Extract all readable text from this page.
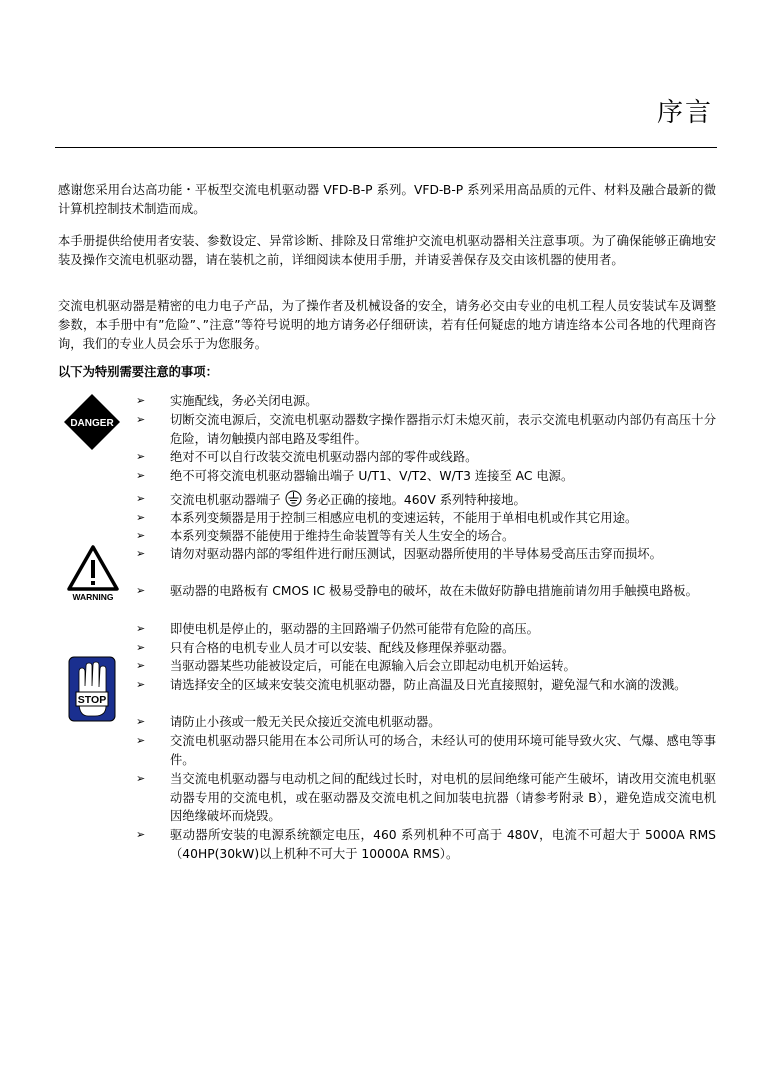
序言

感谢您采用台达高功能・平板型交流电机驱动器 VFD-B-P 系列。VFD-B-P 系列采用高品质的元件、材料及融合最新的微计算机控制技术制造而成。

本手册提供给使用者安装、参数设定、异常诊断、排除及日常维护交流电机驱动器相关注意事项。为了确保能够正确地安装及操作交流电机驱动器，请在装机之前，详细阅读本使用手册，并请妥善保存及交由该机器的使用者。

交流电机驱动器是精密的电力电子产品，为了操作者及机械设备的安全，请务必交由专业的电机工程人员安装试车及调整参数，本手册中有”危险”、”注意”等符号说明的地方请务必仔细研读，若有任何疑虑的地方请连络本公司各地的代理商咨询，我们的专业人员会乐于为您服务。

以下为特别需要注意的事项：
DANGER
WARNING
STOP
➢	实施配线，务必关闭电源。
➢	切断交流电源后，交流电机驱动器数字操作器指示灯未熄灭前，表示交流电机驱动内部仍有高压十分危险，请勿触摸内部电路及零组件。
➢	绝对不可以自行改装交流电机驱动器内部的零件或线路。
➢	绝不可将交流电机驱动器输出端子 U/T1、V/T2、W/T3 连接至 AC 电源。
➢	交流电机驱动器端子 务必正确的接地。460V 系列特种接地。
➢	本系列变频器是用于控制三相感应电机的变速运转，不能用于单相电机或作其它用途。
➢	本系列变频器不能使用于维持生命装置等有关人生安全的场合。
➢	请勿对驱动器内部的零组件进行耐压测试，因驱动器所使用的半导体易受高压击穿而损坏。
➢	驱动器的电路板有 CMOS IC 极易受静电的破坏，故在未做好防静电措施前请勿用手触摸电路板。
➢	即使电机是停止的，驱动器的主回路端子仍然可能带有危险的高压。
➢	只有合格的电机专业人员才可以安装、配线及修理保养驱动器。
➢	当驱动器某些功能被设定后，可能在电源输入后会立即起动电机开始运转。
➢	请选择安全的区域来安装交流电机驱动器，防止高温及日光直接照射，避免湿气和水滴的泼溅。
➢	请防止小孩或一般无关民众接近交流电机驱动器。
➢	交流电机驱动器只能用在本公司所认可的场合，未经认可的使用环境可能导致火灾、气爆、感电等事件。
➢	当交流电机驱动器与电动机之间的配线过长时，对电机的层间绝缘可能产生破坏，请改用交流电机驱动器专用的交流电机，或在驱动器及交流电机之间加装电抗器（请参考附录 B），避免造成交流电机因绝缘破坏而烧毁。
➢	驱动器所安装的电源系统额定电压，460 系列机种不可高于 480V，电流不可超大于 5000A RMS（40HP(30kW)以上机种不可大于 10000A RMS）。
